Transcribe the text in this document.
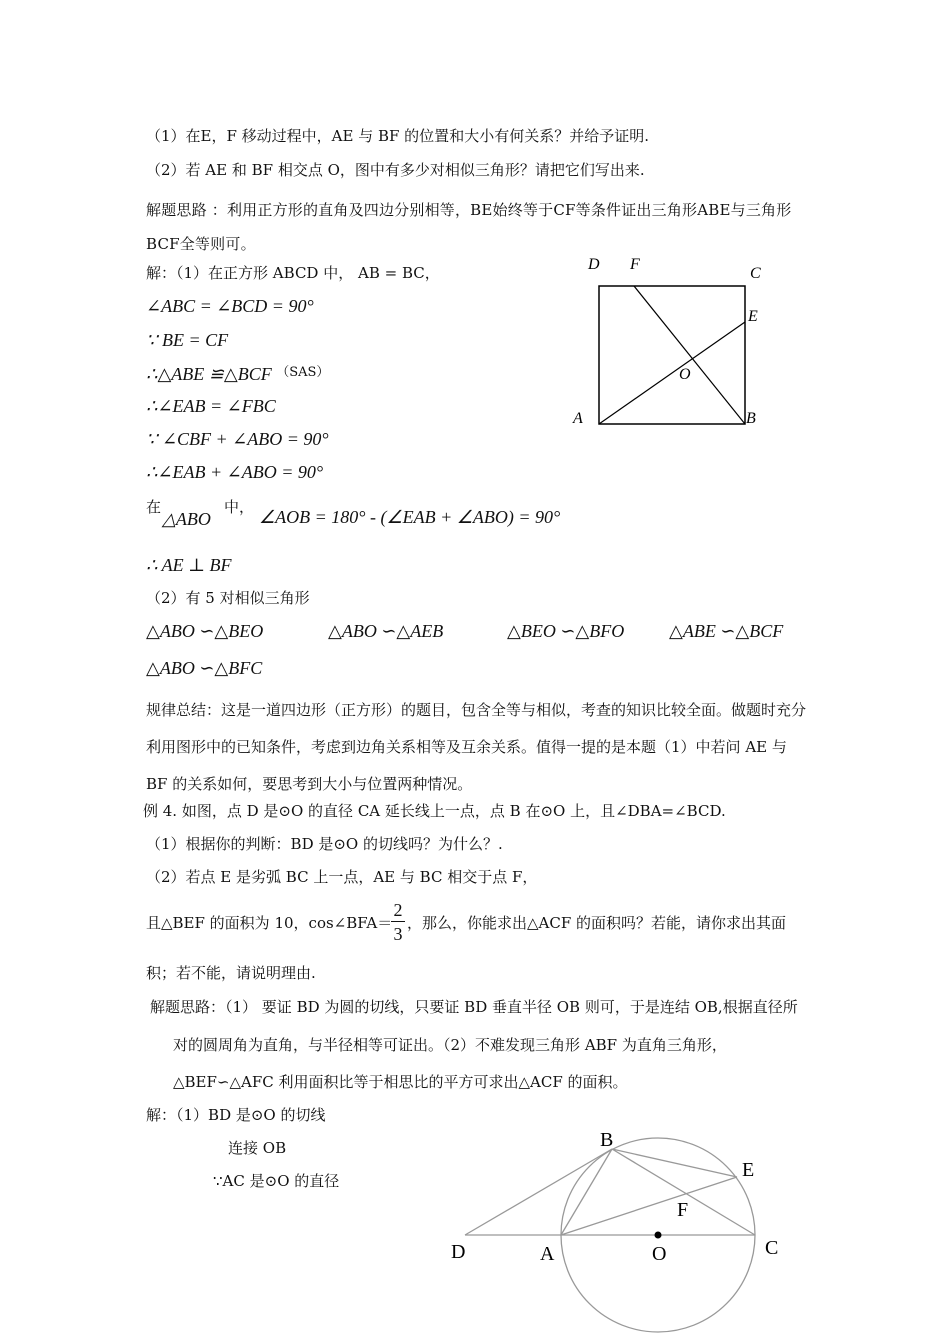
（1）在E，F 移动过程中，AE 与 BF 的位置和大小有何关系？并给予证明.
（2）若 AE 和 BF 相交点 O，图中有多少对相似三角形？请把它们写出来.
解题思路 ：利用正方形的直角及四边分别相等，BE始终等于CF等条件证出三角形ABE与三角形BCF全等则可。
解：（1）在正方形 ABCD 中， AB = BC，
∠ABC = ∠BCD = 90°
∵ BE = CF
∴△ABE ≌△BCF $^{(SAS)}$
∴∠EAB = ∠FBC
∵ ∠CBF + ∠ABO = 90°
∴∠EAB + ∠ABO = 90°
在
△ABO
中， ∠AOB = 180° - (∠EAB + ∠ABO) = 90°
∴ AE ⊥ BF
（2）有 5 对相似三角形
△ABO ∽△BEO	△ABO ∽△AEB	△BEO ∽△BFO △ABE ∽△BCF
△ABO ∽△BFC
规律总结：这是一道四边形（正方形）的题目，包含全等与相似，考查的知识比较全面。做题时充分利用图形中的已知条件，考虑到边角关系相等及互余关系。值得一提的是本题（1）中若问 AE 与 BF 的关系如何，要思考到大小与位置两种情况。
例 4. 如图，点 D 是⊙O 的直径 CA 延长线上一点，点 B 在⊙O 上，且∠DBA=∠BCD.
（1）根据你的判断：BD 是⊙O 的切线吗？为什么？.
（2）若点 E 是劣弧 BC 上一点，AE 与 BC 相交于点 F，
且△BEF 的面积为 10，cos∠BFA＝
2
3
，那么，你能求出△ACF 的面积吗？若能，请你求出其面
积；若不能，请说明理由.
解题思路：（1） 要证 BD 为圆的切线，只要证 BD 垂直半径 OB 则可，于是连结 OB,根据直径所
对的圆周角为直角，与半径相等可证出。（2）不难发现三角形 ABF 为直角三角形，
△BEF∽△AFC 利用面积比等于相思比的平方可求出△ACF 的面积。
解：（1）BD 是⊙O 的切线
连接 OB
∵AC 是⊙O 的直径
D F
C
E
O
A	B
B
E
F
D	A	O	C
